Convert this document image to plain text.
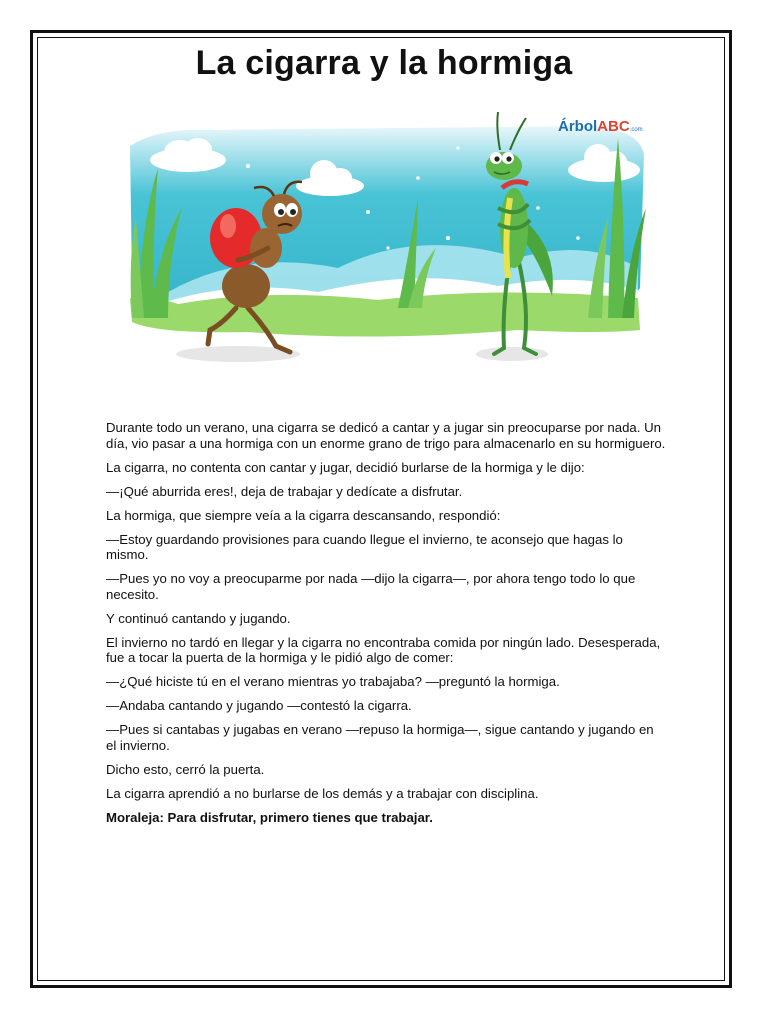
La cigarra y la hormiga
ÁrbolABC.com

Durante todo un verano, una cigarra se dedicó a cantar y a jugar sin preocuparse por nada. Un día, vio pasar a una hormiga con un enorme grano de trigo para almacenarlo en su hormiguero.

La cigarra, no contenta con cantar y jugar, decidió burlarse de la hormiga y le dijo:

—¡Qué aburrida eres!, deja de trabajar y dedícate a disfrutar.

La hormiga, que siempre veía a la cigarra descansando, respondió:

—Estoy guardando provisiones para cuando llegue el invierno, te aconsejo que hagas lo mismo.

—Pues yo no voy a preocuparme por nada —dijo la cigarra—, por ahora tengo todo lo que necesito.

Y continuó cantando y jugando.

El invierno no tardó en llegar y la cigarra no encontraba comida por ningún lado. Desesperada, fue a tocar la puerta de la hormiga y le pidió algo de comer:

—¿Qué hiciste tú en el verano mientras yo trabajaba? —preguntó la hormiga.

—Andaba cantando y jugando —contestó la cigarra.

—Pues si cantabas y jugabas en verano —repuso la hormiga—, sigue cantando y jugando en el invierno.

Dicho esto, cerró la puerta.

La cigarra aprendió a no burlarse de los demás y a trabajar con disciplina.

Moraleja: Para disfrutar, primero tienes que trabajar.
